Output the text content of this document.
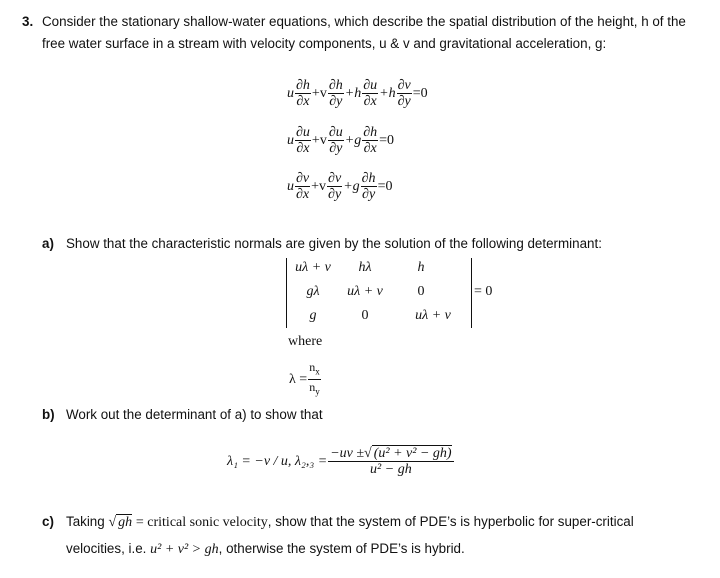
3. Consider the stationary shallow-water equations, which describe the spatial distribution of the height, h of the
free water surface in a stream with velocity components, u & v and gravitational acceleration, g:
u $\frac{\partial h}{\partial x} +v \frac{\partial h}{\partial y} +h \frac{\partial u}{\partial x} +h \frac{\partial v}{\partial y} =0$
u $\frac{\partial u}{\partial x} +v \frac{\partial u}{\partial y} +g \frac{\partial h}{\partial x} =0$
u $\frac{\partial v}{\partial x} +v \frac{\partial v}{\partial y} +g \frac{\partial h}{\partial y} =0$
a) Show that the characteristic normals are given by the solution of the following determinant:
uλ + v	hλ	h
gλ	uλ + v	0
g	0	uλ + v
= 0
where
$\lambda = \frac{n_x}{n_y}$
b) Work out the determinant of a) to show that
λ₁ = −v / u, $\lambda_2,_3 = \frac{\text{−uv ±√ (u² + v² − gh)}}{\text{u² − gh}}$
c) Taking √ gh = critical sonic velocity, show that the system of PDE’s is hyperbolic for super-critical
velocities, i.e. u² + v² > gh, otherwise the system of PDE’s is hybrid.
